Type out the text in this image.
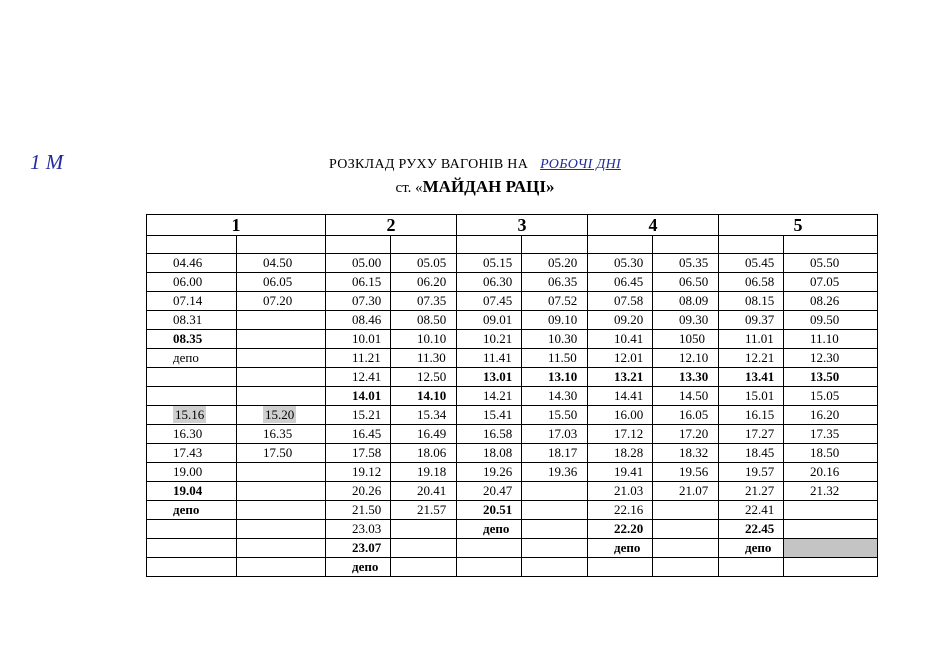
1 M	РОЗКЛАД РУХУ ВАГОНІВ НА РОБОЧІ ДНІ
ст. «МАЙДАН РАЦІ»
1		2		3		4		5	

04.46	04.50	05.00	05.05	05.15	05.20	05.30	05.35	05.45	05.50
06.00	06.05	06.15	06.20	06.30	06.35	06.45	06.50	06.58	07.05
07.14	07.20	07.30	07.35	07.45	07.52	07.58	08.09	08.15	08.26
08.31		08.46	08.50	09.01	09.10	09.20	09.30	09.37	09.50
08.35		10.01	10.10	10.21	10.30	10.41	1050	11.01	11.10
депо		11.21	11.30	11.41	11.50	12.01	12.10	12.21	12.30
		12.41	12.50	13.01	13.10	13.21	13.30	13.41	13.50
		14.01	14.10	14.21	14.30	14.41	14.50	15.01	15.05
15.16	15.20	15.21	15.34	15.41	15.50	16.00	16.05	16.15	16.20
16.30	16.35	16.45	16.49	16.58	17.03	17.12	17.20	17.27	17.35
17.43	17.50	17.58	18.06	18.08	18.17	18.28	18.32	18.45	18.50
19.00		19.12	19.18	19.26	19.36	19.41	19.56	19.57	20.16
19.04		20.26	20.41	20.47		21.03	21.07	21.27	21.32
депо		21.50	21.57	20.51		22.16		22.41	
		23.03		депо		22.20		22.45	
		23.07				депо		депо	
		депо							
